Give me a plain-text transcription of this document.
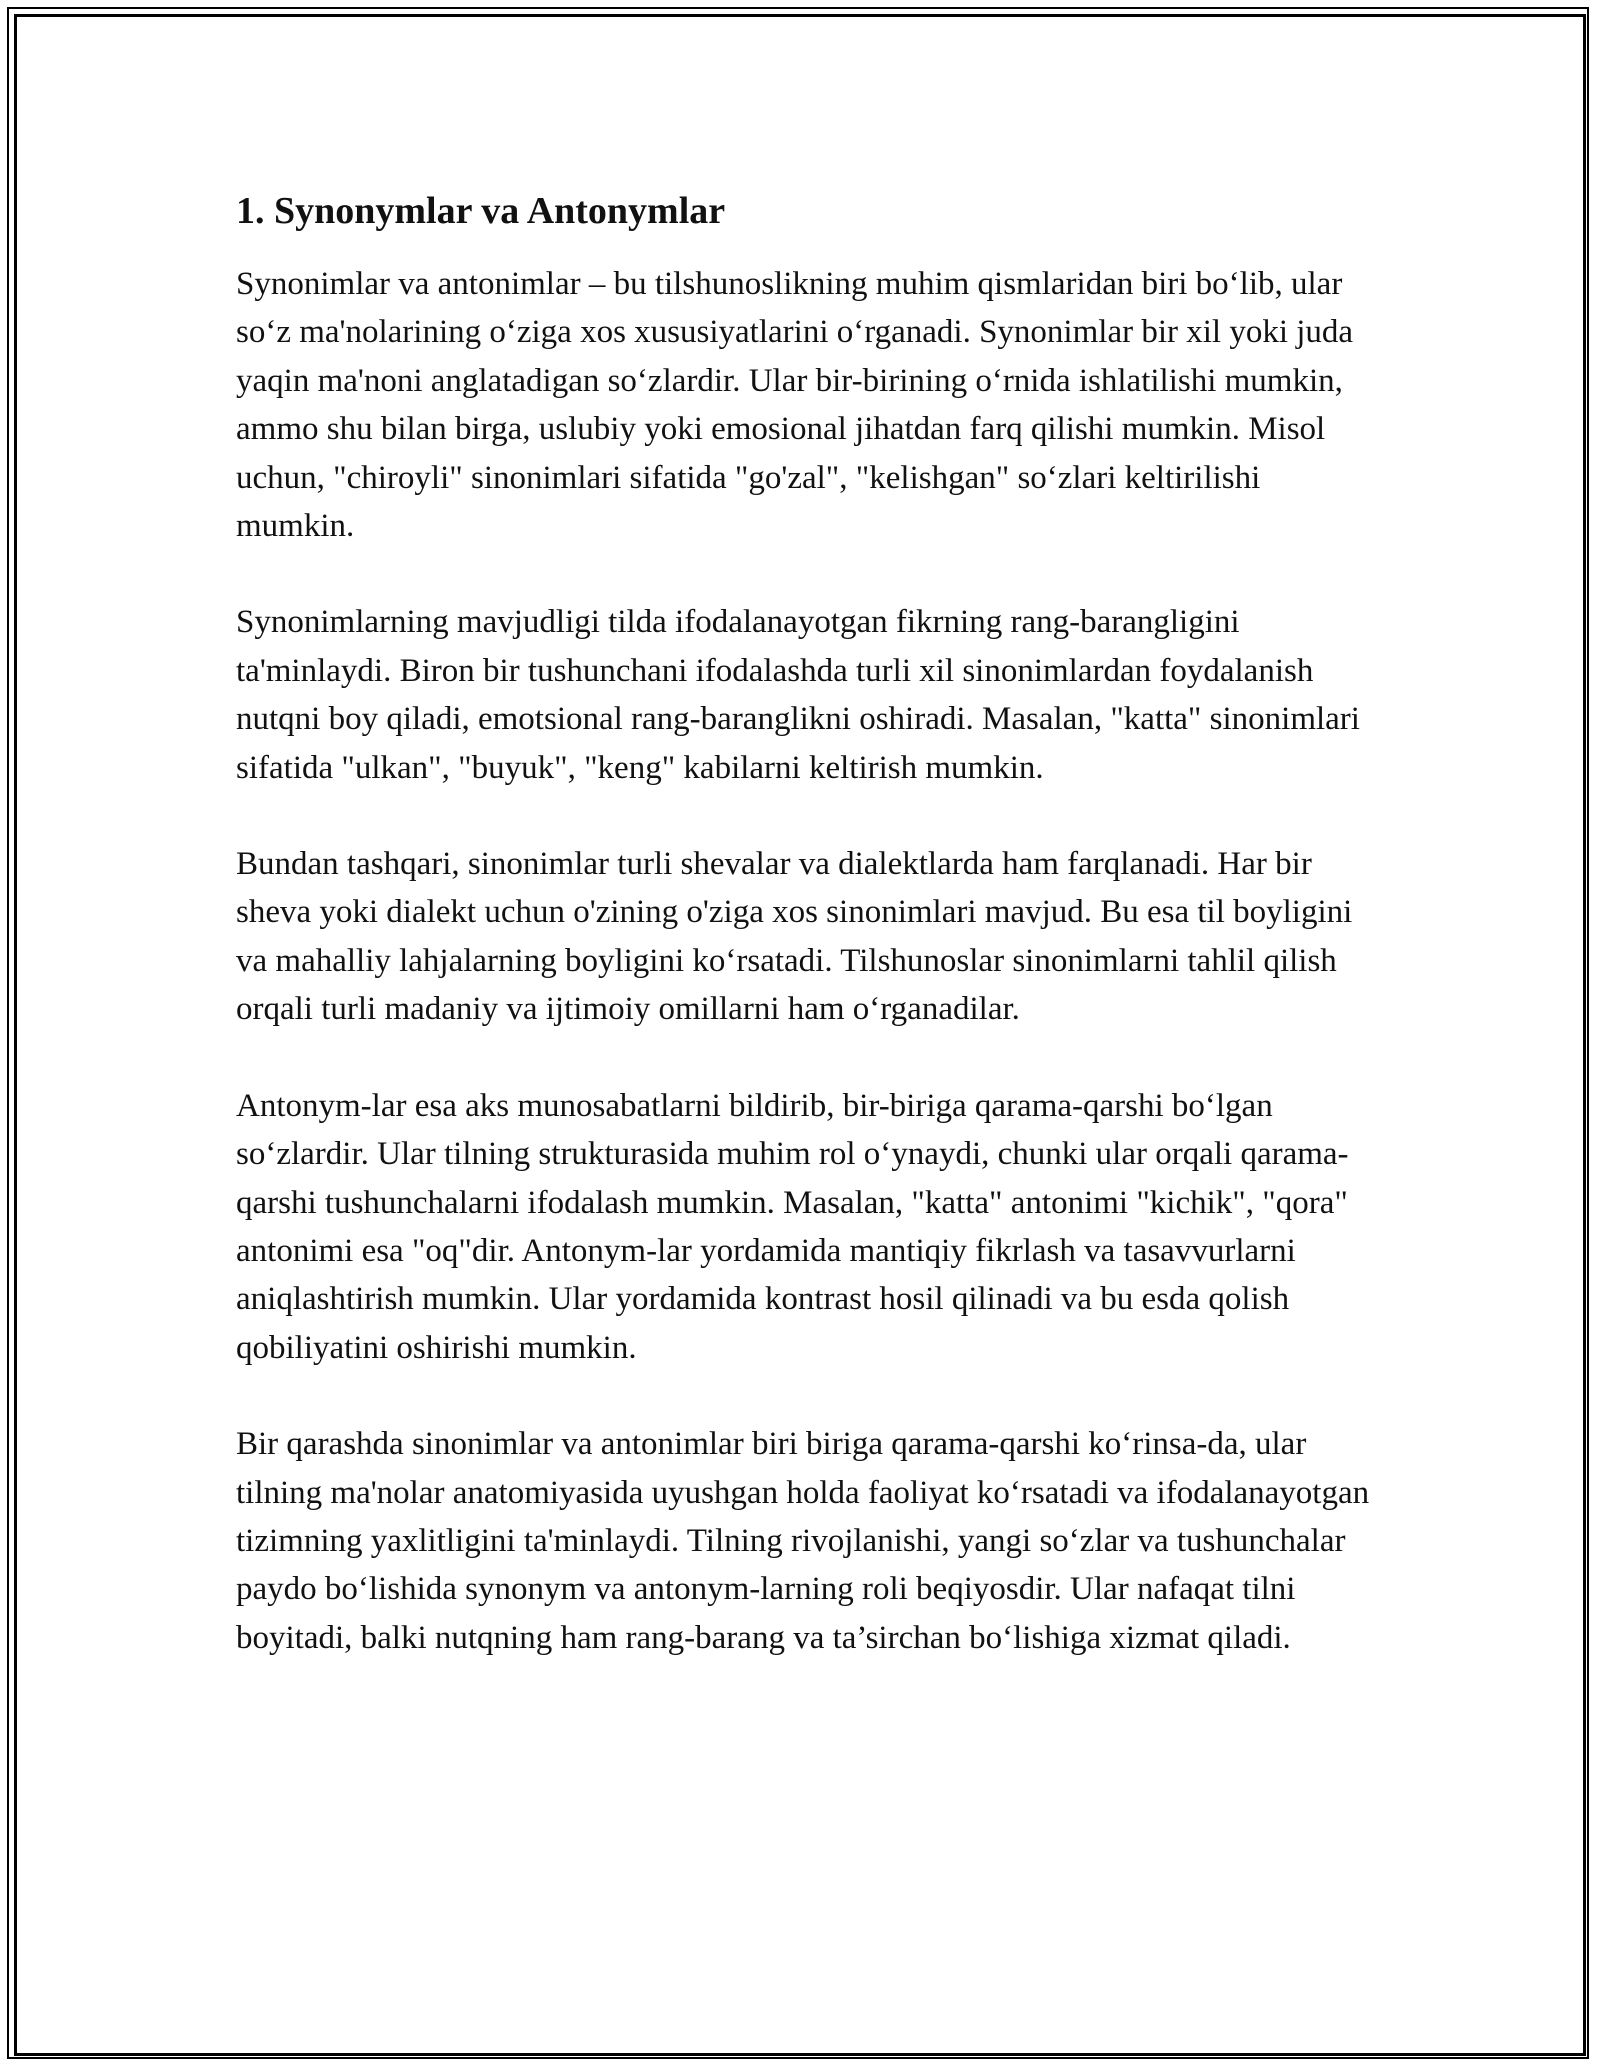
1. Synonymlar va Antonymlar

Synonimlar va antonimlar – bu tilshunoslikning muhim qismlaridan biri bo‘lib, ular so‘z ma'nolarining o‘ziga xos xususiyatlarini o‘rganadi. Synonimlar bir xil yoki juda yaqin ma'noni anglatadigan so‘zlardir. Ular bir-birining o‘rnida ishlatilishi mumkin, ammo shu bilan birga, uslubiy yoki emosional jihatdan farq qilishi mumkin. Misol uchun, "chiroyli" sinonimlari sifatida "go'zal", "kelishgan" so‘zlari keltirilishi mumkin.

Synonimlarning mavjudligi tilda ifodalanayotgan fikrning rang-barangligini ta'minlaydi. Biron bir tushunchani ifodalashda turli xil sinonimlardan foydalanish nutqni boy qiladi, emotsional rang-baranglikni oshiradi. Masalan, "katta" sinonimlari sifatida "ulkan", "buyuk", "keng" kabilarni keltirish mumkin.

Bundan tashqari, sinonimlar turli shevalar va dialektlarda ham farqlanadi. Har bir sheva yoki dialekt uchun o'zining o'ziga xos sinonimlari mavjud. Bu esa til boyligini va mahalliy lahjalarning boyligini ko‘rsatadi. Tilshunoslar sinonimlarni tahlil qilish orqali turli madaniy va ijtimoiy omillarni ham o‘rganadilar.

Antonym-lar esa aks munosabatlarni bildirib, bir-biriga qarama-qarshi bo‘lgan so‘zlardir. Ular tilning strukturasida muhim rol o‘ynaydi, chunki ular orqali qarama-qarshi tushunchalarni ifodalash mumkin. Masalan, "katta" antonimi "kichik", "qora" antonimi esa "oq"dir. Antonym-lar yordamida mantiqiy fikrlash va tasavvurlarni aniqlashtirish mumkin. Ular yordamida kontrast hosil qilinadi va bu esda qolish qobiliyatini oshirishi mumkin.

Bir qarashda sinonimlar va antonimlar biri biriga qarama-qarshi ko‘rinsa-da, ular tilning ma'nolar anatomiyasida uyushgan holda faoliyat ko‘rsatadi va ifodalanayotgan tizimning yaxlitligini ta'minlaydi. Tilning rivojlanishi, yangi so‘zlar va tushunchalar paydo bo‘lishida synonym va antonym-larning roli beqiyosdir. Ular nafaqat tilni boyitadi, balki nutqning ham rang-barang va ta’sirchan bo‘lishiga xizmat qiladi.
